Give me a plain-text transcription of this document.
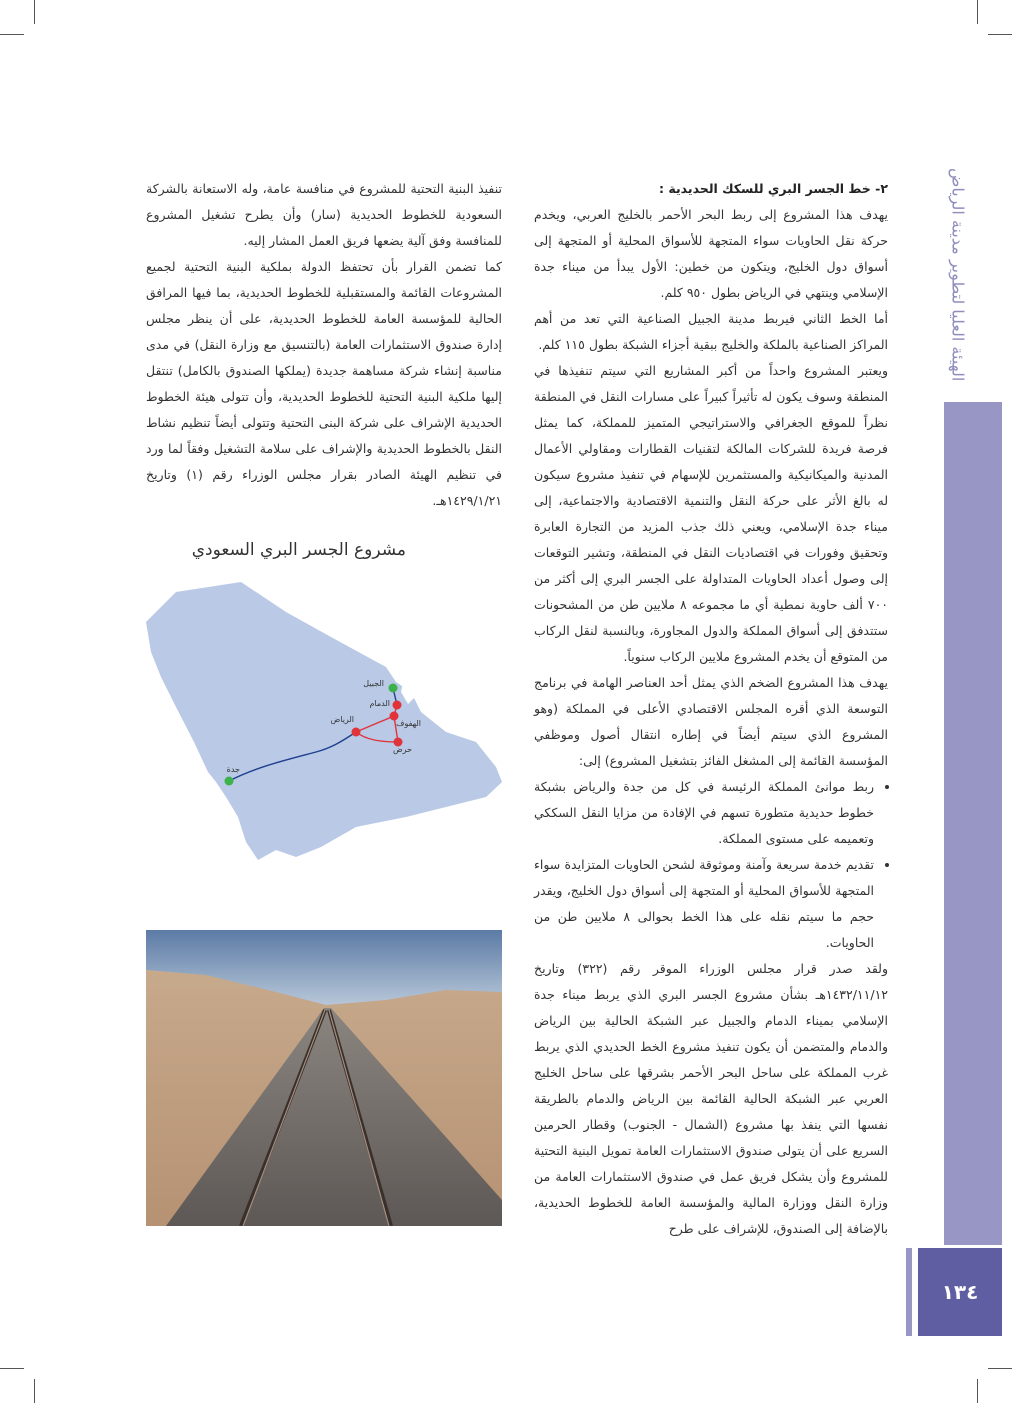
الهيئة العليا لتطوير مدينة الرياض
١٣٤

٢- خط الجسر البري للسكك الحديدية :

يهدف هذا المشروع إلى ربط البحر الأحمر بالخليج العربي، ويخدم حركة نقل الحاويات سواء المتجهة للأسواق المحلية أو المتجهة إلى أسواق دول الخليج، ويتكون من خطين: الأول يبدأ من ميناء جدة الإسلامي وينتهي في الرياض بطول ٩٥٠ كلم.

أما الخط الثاني فيربط مدينة الجبيل الصناعية التي تعد من أهم المراكز الصناعية بالملكة والخليج ببقية أجزاء الشبكة بطول ١١٥ كلم.

ويعتبر المشروع واحداً من أكبر المشاريع التي سيتم تنفيذها في المنطقة وسوف يكون له تأثيراً كبيراً على مسارات النقل في المنطقة نظراً للموقع الجغرافي والاستراتيجي المتميز للمملكة، كما يمثل فرصة فريدة للشركات المالكة لتقنيات القطارات ومقاولي الأعمال المدنية والميكانيكية والمستثمرين للإسهام في تنفيذ مشروع سيكون له بالغ الأثر على حركة النقل والتنمية الاقتصادية والاجتماعية، إلى ميناء جدة الإسلامي، ويعني ذلك جذب المزيد من التجارة العابرة وتحقيق وفورات في اقتصاديات النقل في المنطقة، وتشير التوقعات إلى وصول أعداد الحاويات المتداولة على الجسر البري إلى أكثر من ٧٠٠ ألف حاوية نمطية أي ما مجموعه ٨ ملايين طن من المشحونات ستتدفق إلى أسواق المملكة والدول المجاورة، وبالنسبة لنقل الركاب من المتوقع أن يخدم المشروع ملايين الركاب سنوياً.

يهدف هذا المشروع الضخم الذي يمثل أحد العناصر الهامة في برنامج التوسعة الذي أقره المجلس الاقتصادي الأعلى في المملكة (وهو المشروع الذي سيتم أيضاً في إطاره انتقال أصول وموظفي المؤسسة القائمة إلى المشغل الفائز بتشغيل المشروع) إلى:

• ربط موانئ المملكة الرئيسة في كل من جدة والرياض بشبكة خطوط حديدية متطورة تسهم في الإفادة من مزايا النقل السككي وتعميمه على مستوى المملكة.
• تقديم خدمة سريعة وآمنة وموثوقة لشحن الحاويات المتزايدة سواء المتجهة للأسواق المحلية أو المتجهة إلى أسواق دول الخليج، ويقدر حجم ما سيتم نقله على هذا الخط بحوالى ٨ ملايين طن من الحاويات.

ولقد صدر قرار مجلس الوزراء الموقر رقم (٣٢٢) وتاريخ ١٤٣٢/١١/١٢هـ بشأن مشروع الجسر البري الذي يربط ميناء جدة الإسلامي بميناء الدمام والجبيل عبر الشبكة الحالية بين الرياض والدمام والمتضمن أن يكون تنفيذ مشروع الخط الحديدي الذي يربط غرب المملكة على ساحل البحر الأحمر بشرقها على ساحل الخليج العربي عبر الشبكة الحالية القائمة بين الرياض والدمام بالطريقة نفسها التي ينفذ بها مشروع (الشمال - الجنوب) وقطار الحرمين السريع على أن يتولى صندوق الاستثمارات العامة تمويل البنية التحتية للمشروع وأن يشكل فريق عمل في صندوق الاستثمارات العامة من وزارة النقل ووزارة المالية والمؤسسة العامة للخطوط الحديدية، بالإضافة إلى الصندوق، للإشراف على طرح

تنفيذ البنية التحتية للمشروع في منافسة عامة، وله الاستعانة بالشركة السعودية للخطوط الحديدية (سار) وأن يطرح تشغيل المشروع للمنافسة وفق آلية يضعها فريق العمل المشار إليه.

كما تضمن القرار بأن تحتفظ الدولة بملكية البنية التحتية لجميع المشروعات القائمة والمستقبلية للخطوط الحديدية، بما فيها المرافق الحالية للمؤسسة العامة للخطوط الحديدية، على أن ينظر مجلس إدارة صندوق الاستثمارات العامة (بالتنسيق مع وزارة النقل) في مدى مناسبة إنشاء شركة مساهمة جديدة (يملكها الصندوق بالكامل) تنتقل إليها ملكية البنية التحتية للخطوط الحديدية، وأن تتولى هيئة الخطوط الحديدية الإشراف على شركة البنى التحتية وتتولى أيضاً تنظيم نشاط النقل بالخطوط الحديدية والإشراف على سلامة التشغيل وفقاً لما ورد في تنظيم الهيئة الصادر بقرار مجلس الوزراء رقم (١) وتاريخ ١٤٢٩/١/٢١هـ.

مشروع الجسر البري السعودي
الجبيل
الدمام
الهفوف
الرياض
حرض
جدة
